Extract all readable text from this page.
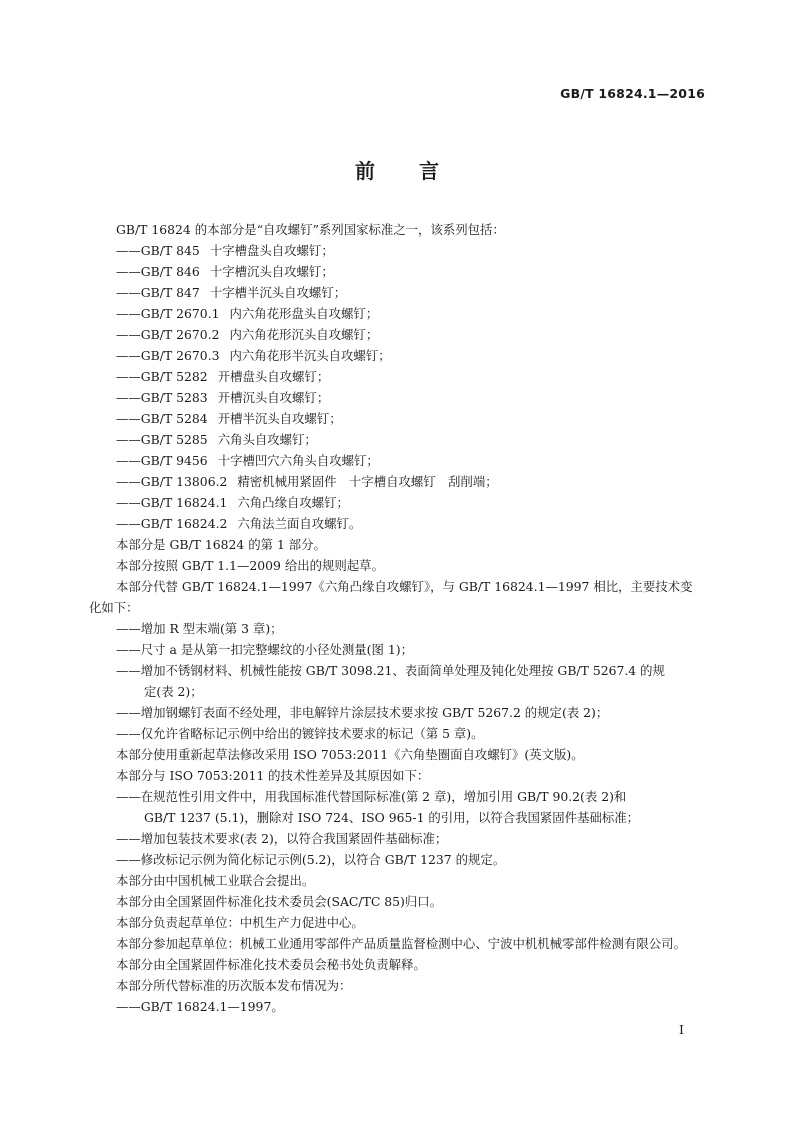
GB/T 16824.1—2016
前言

GB/T 16824 的本部分是“自攻螺钉”系列国家标准之一，该系列包括：

——GB/T 845 十字槽盘头自攻螺钉；

——GB/T 846 十字槽沉头自攻螺钉；

——GB/T 847 十字槽半沉头自攻螺钉；

——GB/T 2670.1 内六角花形盘头自攻螺钉；

——GB/T 2670.2 内六角花形沉头自攻螺钉；

——GB/T 2670.3 内六角花形半沉头自攻螺钉；

——GB/T 5282 开槽盘头自攻螺钉；

——GB/T 5283 开槽沉头自攻螺钉；

——GB/T 5284 开槽半沉头自攻螺钉；

——GB/T 5285 六角头自攻螺钉；

——GB/T 9456 十字槽凹穴六角头自攻螺钉；

——GB/T 13806.2 精密机械用紧固件　十字槽自攻螺钉　刮削端；

——GB/T 16824.1 六角凸缘自攻螺钉；

——GB/T 16824.2 六角法兰面自攻螺钉。

本部分是 GB/T 16824 的第 1 部分。

本部分按照 GB/T 1.1—2009 给出的规则起草。

本部分代替 GB/T 16824.1—1997《六角凸缘自攻螺钉》，与 GB/T 16824.1—1997 相比，主要技术变

化如下：

——增加 R 型末端(第 3 章)；

——尺寸 a 是从第一扣完整螺纹的小径处测量(图 1)；

——增加不锈钢材料、机械性能按 GB/T 3098.21、表面简单处理及钝化处理按 GB/T 5267.4 的规

定(表 2)；

——增加钢螺钉表面不经处理，非电解锌片涂层技术要求按 GB/T 5267.2 的规定(表 2)；

——仅允许省略标记示例中给出的镀锌技术要求的标记（第 5 章)。

本部分使用重新起草法修改采用 ISO 7053:2011《六角垫圈面自攻螺钉》(英文版)。

本部分与 ISO 7053:2011 的技术性差异及其原因如下：

——在规范性引用文件中，用我国标准代替国际标准(第 2 章)，增加引用 GB/T 90.2(表 2)和

GB/T 1237 (5.1)，删除对 ISO 724、ISO 965-1 的引用，以符合我国紧固件基础标准；

——增加包装技术要求(表 2)，以符合我国紧固件基础标准；

——修改标记示例为简化标记示例(5.2)，以符合 GB/T 1237 的规定。

本部分由中国机械工业联合会提出。

本部分由全国紧固件标准化技术委员会(SAC/TC 85)归口。

本部分负责起草单位：中机生产力促进中心。

本部分参加起草单位：机械工业通用零部件产品质量监督检测中心、宁波中机机械零部件检测有限公司。

本部分由全国紧固件标准化技术委员会秘书处负责解释。

本部分所代替标准的历次版本发布情况为：

——GB/T 16824.1—1997。

I
